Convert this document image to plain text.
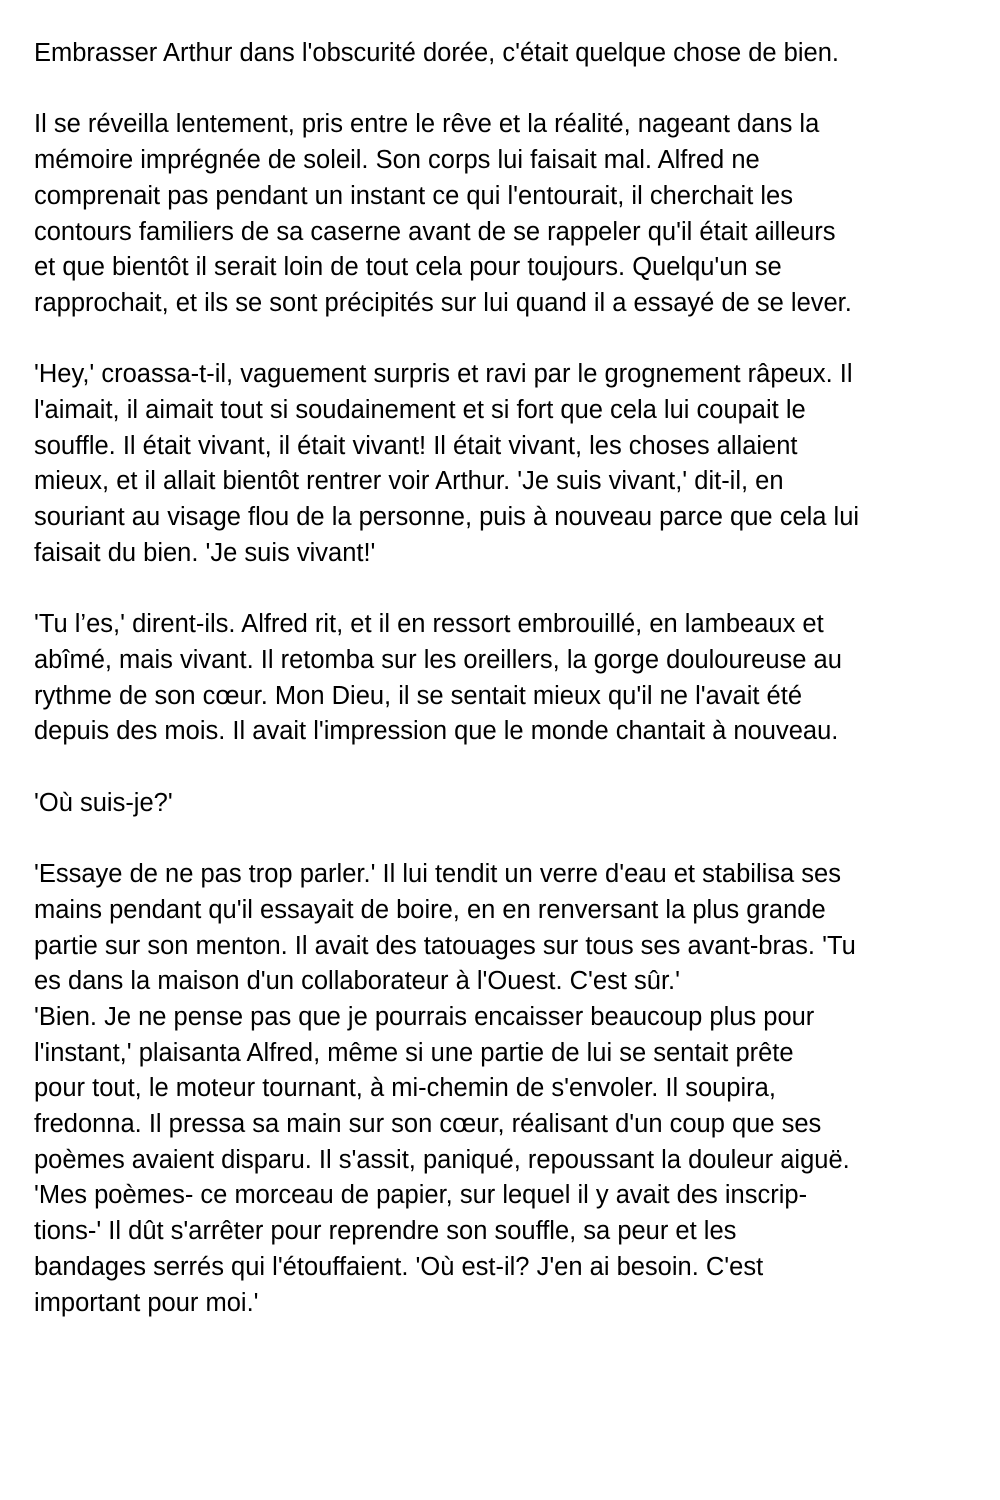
Embrasser Arthur dans l'obscurité dorée, c'était quelque chose de bien.

Il se réveilla lentement, pris entre le rêve et la réalité, nageant dans la
mémoire imprégnée de soleil. Son corps lui faisait mal. Alfred ne
comprenait pas pendant un instant ce qui l'entourait, il cherchait les
contours familiers de sa caserne avant de se rappeler qu'il était ailleurs
et que bientôt il serait loin de tout cela pour toujours. Quelqu'un se
rapprochait, et ils se sont précipités sur lui quand il a essayé de se lever.

'Hey,' croassa-t-il, vaguement surpris et ravi par le grognement râpeux. Il
l'aimait, il aimait tout si soudainement et si fort que cela lui coupait le
souffle. Il était vivant, il était vivant! Il était vivant, les choses allaient
mieux, et il allait bientôt rentrer voir Arthur. 'Je suis vivant,' dit-il, en
souriant au visage flou de la personne, puis à nouveau parce que cela lui
faisait du bien. 'Je suis vivant!'

'Tu l’es,' dirent-ils. Alfred rit, et il en ressort embrouillé, en lambeaux et
abîmé, mais vivant. Il retomba sur les oreillers, la gorge douloureuse au
rythme de son cœur. Mon Dieu, il se sentait mieux qu'il ne l'avait été
depuis des mois. Il avait l'impression que le monde chantait à nouveau.

'Où suis-je?'

'Essaye de ne pas trop parler.' Il lui tendit un verre d'eau et stabilisa ses
mains pendant qu'il essayait de boire, en en renversant la plus grande
partie sur son menton. Il avait des tatouages sur tous ses avant-bras. 'Tu
es dans la maison d'un collaborateur à l'Ouest. C'est sûr.'

'Bien. Je ne pense pas que je pourrais encaisser beaucoup plus pour
l'instant,' plaisanta Alfred, même si une partie de lui se sentait prête
pour tout, le moteur tournant, à mi-chemin de s'envoler. Il soupira,
fredonna. Il pressa sa main sur son cœur, réalisant d'un coup que ses
poèmes avaient disparu. Il s'assit, paniqué, repoussant la douleur aiguë.
'Mes poèmes- ce morceau de papier, sur lequel il y avait des inscrip-
tions-' Il dût s'arrêter pour reprendre son souffle, sa peur et les
bandages serrés qui l'étouffaient. 'Où est-il? J'en ai besoin. C'est
important pour moi.'
